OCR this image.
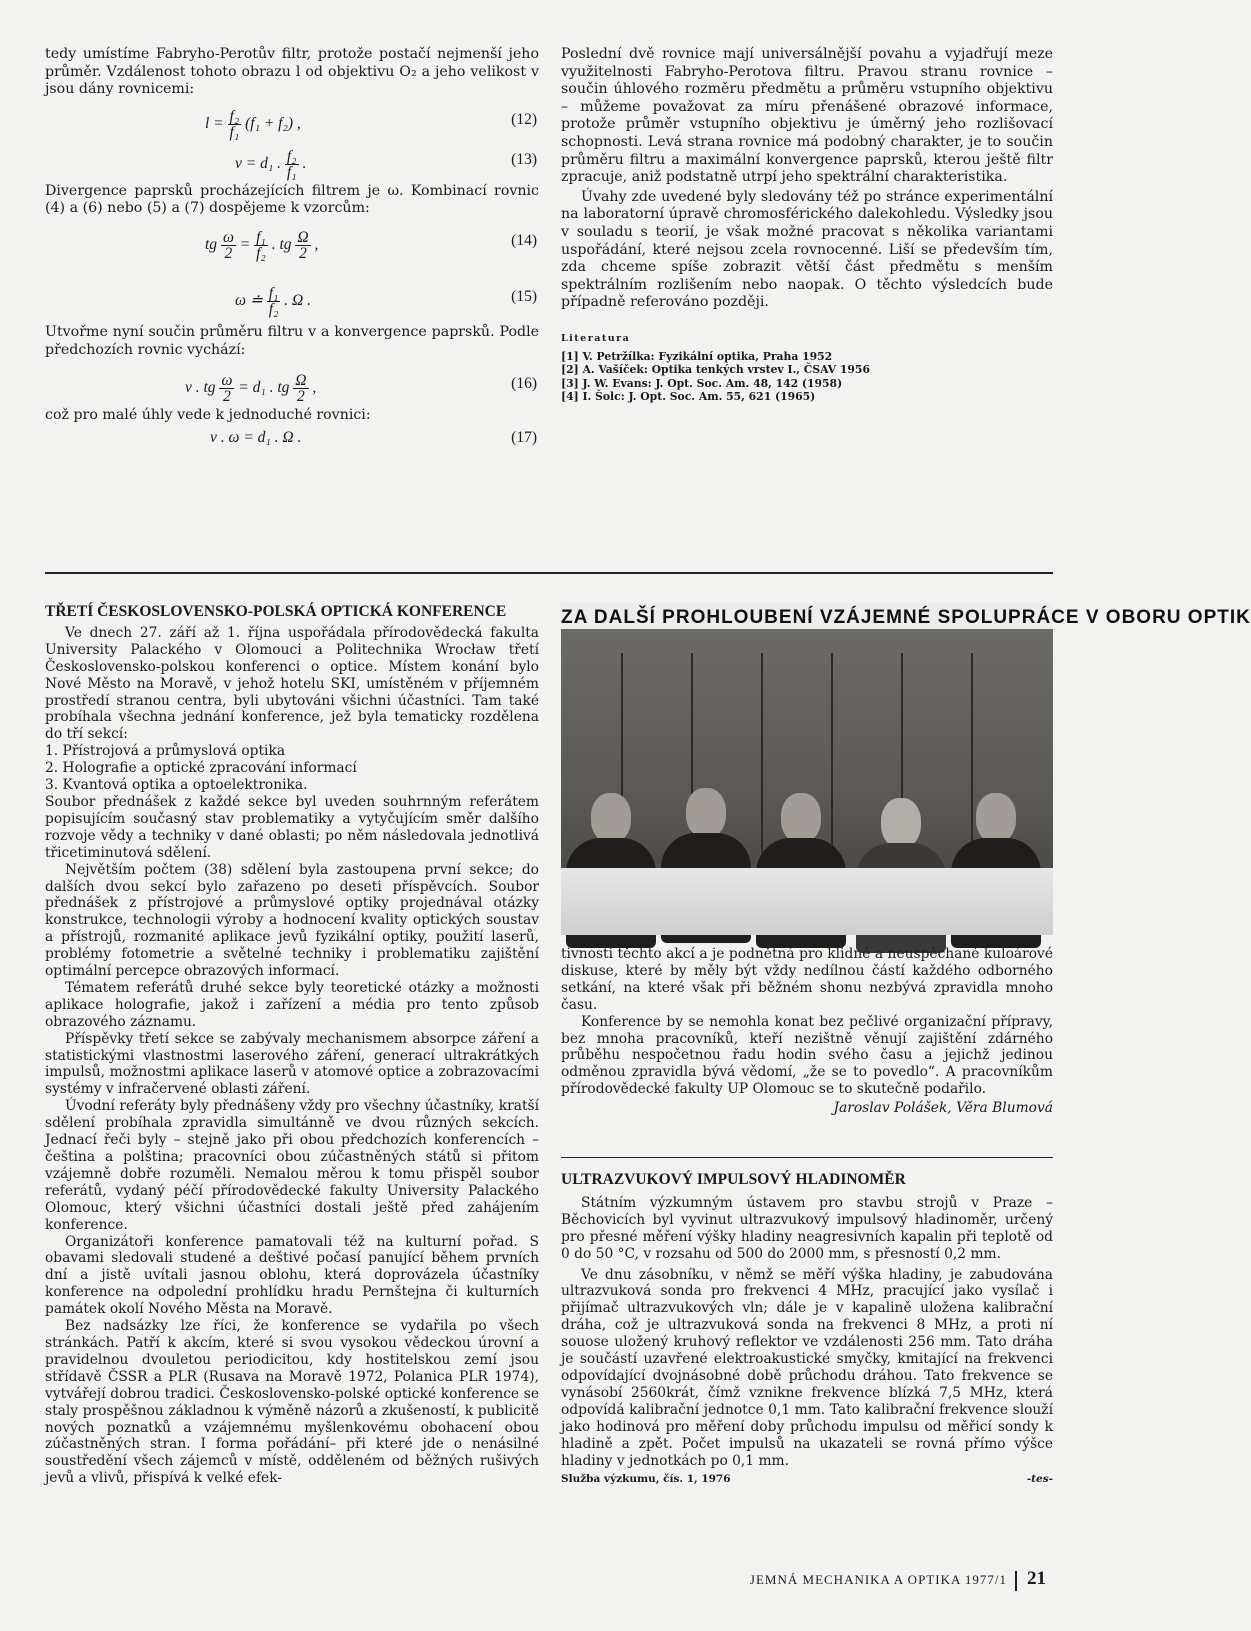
tedy umístíme Fabryho-Perotův filtr, protože postačí nejmenší jeho průměr. Vzdálenost tohoto obrazu l od objektivu O₂ a jeho velikost v jsou dány rovnicemi:

$l = \frac{\text{f₂}}{\text{f₁}} (f_1 + f_2)$ ,	(12)
v = d₁ . $\frac{\text{f₂}}{\text{f₁}}$ .	(13)

Divergence paprsků procházejících filtrem je ω. Kombinací rovnic (4) a (6) nebo (5) a (7) dospějeme k vzorcům:

tg $\frac{\omega}{2} = \frac{\text{f₁}}{\text{f₂}}$ . tg $\frac{\Omega}{2}$ ,	(14)
ω ≐ $\frac{\text{f₁}}{\text{f₂}}$ . Ω .	(15)

Utvořme nyní součin průměru filtru v a konvergence paprsků. Podle předchozích rovnic vychází:

v . tg $\frac{\omega}{2} = d_1$ . tg $\frac{\Omega}{2}$ ,	(16)

což pro malé úhly vede k jednoduché rovnici:

v . ω = d₁ . Ω .	(17)

Poslední dvě rovnice mají universálnější povahu a vyjadřují meze využitelnosti Fabryho-Perotova filtru. Pravou stranu rovnice – součin úhlového rozměru předmětu a průměru vstupního objektivu – můžeme považovat za míru přenášené obrazové informace, protože průměr vstupního objektivu je úměrný jeho rozlišovací schopnosti. Levá strana rovnice má podobný charakter, je to součin průměru filtru a maximální konvergence paprsků, kterou ještě filtr zpracuje, aniž podstatně utrpí jeho spektrální charakteristika.

Úvahy zde uvedené byly sledovány též po stránce experimentální na laboratorní úpravě chromosférického dalekohledu. Výsledky jsou v souladu s teorií, je však možné pracovat s několika variantami uspořádání, které nejsou zcela rovnocenné. Liší se především tím, zda chceme spíše zobrazit větší část předmětu s menším spektrálním rozlišením nebo naopak. O těchto výsledcích bude případně referováno později.

Literatura
[1] V. Petržílka: Fyzikální optika, Praha 1952
[2] A. Vašíček: Optika tenkých vrstev I., ČSAV 1956
[3] J. W. Evans: J. Opt. Soc. Am. 48, 142 (1958)
[4] I. Šolc: J. Opt. Soc. Am. 55, 621 (1965)
TŘETÍ ČESKOSLOVENSKO-POLSKÁ OPTICKÁ KONFERENCE

Ve dnech 27. září až 1. října uspořádala přírodovědecká fakulta University Palackého v Olomouci a Politechnika Wrocław třetí Československo-polskou konferenci o optice. Místem konání bylo Nové Město na Moravě, v jehož hotelu SKI, umístěném v příjemném prostředí stranou centra, byli ubytováni všichni účastníci. Tam také probíhala všechna jednání konference, jež byla tematicky rozdělena do tří sekcí:

1. Přístrojová a průmyslová optika

2. Holografie a optické zpracování informací

3. Kvantová optika a optoelektronika.

Soubor přednášek z každé sekce byl uveden souhrnným referátem popisujícím současný stav problematiky a vytyčujícím směr dalšího rozvoje vědy a techniky v dané oblasti; po něm následovala jednotlivá třicetiminutová sdělení.

Největším počtem (38) sdělení byla zastoupena první sekce; do dalších dvou sekcí bylo zařazeno po deseti příspěvcích. Soubor přednášek z přístrojové a průmyslové optiky projednával otázky konstrukce, technologii výroby a hodnocení kvality optických soustav a přístrojů, rozmanité aplikace jevů fyzikální optiky, použití laserů, problémy fotometrie a světelné techniky i problematiku zajištění optimální percepce obrazových informací.

Tématem referátů druhé sekce byly teoretické otázky a možnosti aplikace holografie, jakož i zařízení a média pro tento způsob obrazového záznamu.

Příspěvky třetí sekce se zabývaly mechanismem absorpce záření a statistickými vlastnostmi laserového záření, generací ultrakrátkých impulsů, možnostmi aplikace laserů v atomové optice a zobrazovacími systémy v infračervené oblasti záření.

Úvodní referáty byly přednášeny vždy pro všechny účastníky, kratší sdělení probíhala zpravidla simultánně ve dvou různých sekcích. Jednací řeči byly – stejně jako při obou předchozích konferencích – čeština a polština; pracovníci obou zúčastněných států si přitom vzájemně dobře rozuměli. Nemalou měrou k tomu přispěl soubor referátů, vydaný péčí přírodovědecké fakulty University Palackého Olomouc, který všichni účastníci dostali ještě před zahájením konference.

Organizátoři konference pamatovali též na kulturní pořad. S obavami sledovali studené a deštivé počasí panující během prvních dní a jistě uvítali jasnou oblohu, která doprovázela účastníky konference na odpolední prohlídku hradu Pernštejna či kulturních památek okolí Nového Města na Moravě.

Bez nadsázky lze říci, že konference se vydařila po všech stránkách. Patří k akcím, které si svou vysokou vědeckou úrovní a pravidelnou dvouletou periodicitou, kdy hostitelskou zemí jsou střídavě ČSSR a PLR (Rusava na Moravě 1972, Polanica PLR 1974), vytvářejí dobrou tradici. Československo-polské optické konference se staly prospěšnou základnou k výměně názorů a zkušeností, k publicitě nových poznatků a vzájemnému myšlenkovému obohacení obou zúčastněných stran. I forma pořádání– při které jde o nenásilné soustředění všech zájemců v místě, odděleném od běžných rušivých jevů a vlivů, přispívá k velké efek-

ZA DALŠÍ PROHLOUBENÍ VZÁJEMNÉ SPOLUPRÁCE V OBORU OPTIK

tivnosti těchto akcí a je podnětná pro klidné a neuspěchané kuloárové diskuse, které by měly být vždy nedílnou částí každého odborného setkání, na které však při běžném shonu nezbývá zpravidla mnoho času.

Konference by se nemohla konat bez pečlivé organizační přípravy, bez mnoha pracovníků, kteří nezištně věnují zajištění zdárného průběhu nespočetnou řadu hodin svého času a jejichž jedinou odměnou zpravidla bývá vědomí, „že se to povedlo“. A pracovníkům přírodovědecké fakulty UP Olomouc se to skutečně podařilo.

Jaroslav Polášek, Věra Blumová

ULTRAZVUKOVÝ IMPULSOVÝ HLADINOMĚR

Státním výzkumným ústavem pro stavbu strojů v Praze – Běchovicích byl vyvinut ultrazvukový impulsový hladinoměr, určený pro přesné měření výšky hladiny neagresivních kapalin při teplotě od 0 do 50 °C, v rozsahu od 500 do 2000 mm, s přesností 0,2 mm.

Ve dnu zásobníku, v němž se měří výška hladiny, je zabudována ultrazvuková sonda pro frekvenci 4 MHz, pracující jako vysílač i přijímač ultrazvukových vln; dále je v kapalině uložena kalibrační dráha, což je ultrazvuková sonda na frekvenci 8 MHz, a proti ní souose uložený kruhový reflektor ve vzdálenosti 256 mm. Tato dráha je součástí uzavřené elektroakustické smyčky, kmitající na frekvenci odpovídající dvojnásobné době průchodu dráhou. Tato frekvence se vynásobí 2560krát, čímž vznikne frekvence blízká 7,5 MHz, která odpovídá kalibrační jednotce 0,1 mm. Tato kalibrační frekvence slouží jako hodinová pro měření doby průchodu impulsu od měřicí sondy k hladině a zpět. Počet impulsů na ukazateli se rovná přímo výšce hladiny v jednotkách po 0,1 mm.

Služba výzkumu, čís. 1, 1976	-tes-
JEMNÁ MECHANIKA A OPTIKA 1977/1 21
